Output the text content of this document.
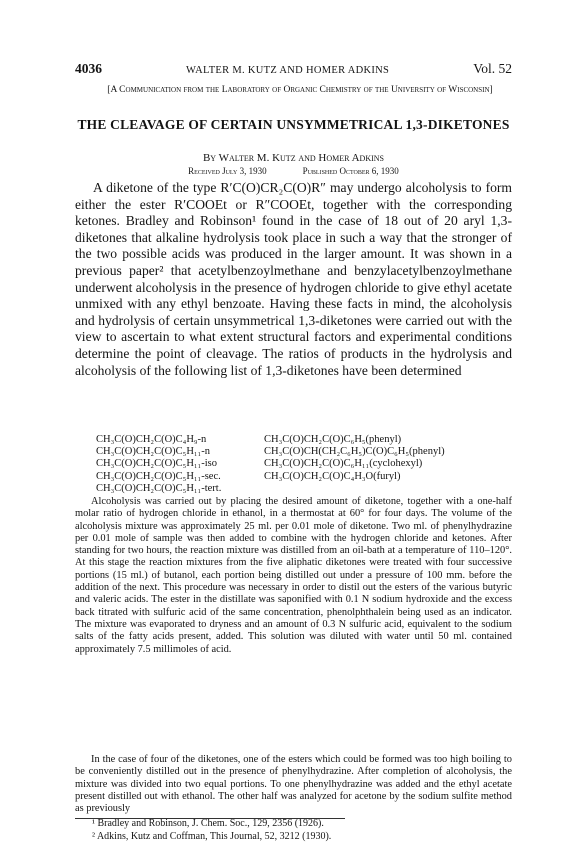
4036	WALTER M. KUTZ AND HOMER ADKINS	Vol. 52
[A Communication from the Laboratory of Organic Chemistry of the University of Wisconsin]
THE CLEAVAGE OF CERTAIN UNSYMMETRICAL 1,3-DIKETONES
By Walter M. Kutz and Homer Adkins
Received July 3, 1930	Published October 6, 1930

A diketone of the type R′C(O)CR₂C(O)R″ may undergo alcoholysis to form either the ester R′COOEt or R″COOEt, together with the corresponding ketones. Bradley and Robinson¹ found in the case of 18 out of 20 aryl 1,3-diketones that alkaline hydrolysis took place in such a way that the stronger of the two possible acids was produced in the larger amount. It was shown in a previous paper² that acetylbenzoylmethane and benzylacetylbenzoylmethane underwent alcoholysis in the presence of hydrogen chloride to give ethyl acetate unmixed with any ethyl benzoate. Having these facts in mind, the alcoholysis and hydrolysis of certain unsymmetrical 1,3-diketones were carried out with the view to ascertain to what extent structural factors and experimental conditions determine the point of cleavage. The ratios of products in the hydrolysis and alcoholysis of the following list of 1,3-diketones have been determined

CH₃C(O)CH₂C(O)C₄H₉-n	CH₃C(O)CH₂C(O)C₆H₅(phenyl)
CH₃C(O)CH₂C(O)C₅H₁₁-n	CH₃C(O)CH(CH₂C₆H₅)C(O)C₆H₅(phenyl)
CH₃C(O)CH₂C(O)C₅H₁₁-iso	CH₃C(O)CH₂C(O)C₆H₁₁(cyclohexyl)
CH₃C(O)CH₂C(O)C₅H₁₁-sec.	CH₃C(O)CH₂C(O)C₄H₃O(furyl)
CH₃C(O)CH₂C(O)C₅H₁₁-tert.

Alcoholysis was carried out by placing the desired amount of diketone, together with a one-half molar ratio of hydrogen chloride in ethanol, in a thermostat at 60° for four days. The volume of the alcoholysis mixture was approximately 25 ml. per 0.01 mole of diketone. Two ml. of phenylhydrazine per 0.01 mole of sample was then added to combine with the hydrogen chloride and ketones. After standing for two hours, the reaction mixture was distilled from an oil-bath at a temperature of 110–120°. At this stage the reaction mixtures from the five aliphatic diketones were treated with four successive portions (15 ml.) of butanol, each portion being distilled out under a pressure of 100 mm. before the addition of the next. This procedure was necessary in order to distil out the esters of the various butyric and valeric acids. The ester in the distillate was saponified with 0.1 N sodium hydroxide and the excess back titrated with sulfuric acid of the same concentration, phenolphthalein being used as an indicator. The mixture was evaporated to dryness and an amount of 0.3 N sulfuric acid, equivalent to the sodium salts of the fatty acids present, added. This solution was diluted with water until 50 ml. contained approximately 7.5 millimoles of acid.

In the case of four of the diketones, one of the esters which could be formed was too high boiling to be conveniently distilled out in the presence of phenylhydrazine. After completion of alcoholysis, the mixture was divided into two equal portions. To one phenylhydrazine was added and the ethyl acetate present distilled out with ethanol. The other half was analyzed for acetone by the sodium sulfite method as previously

¹ Bradley and Robinson, J. Chem. Soc., 129, 2356 (1926).
² Adkins, Kutz and Coffman, This Journal, 52, 3212 (1930).
